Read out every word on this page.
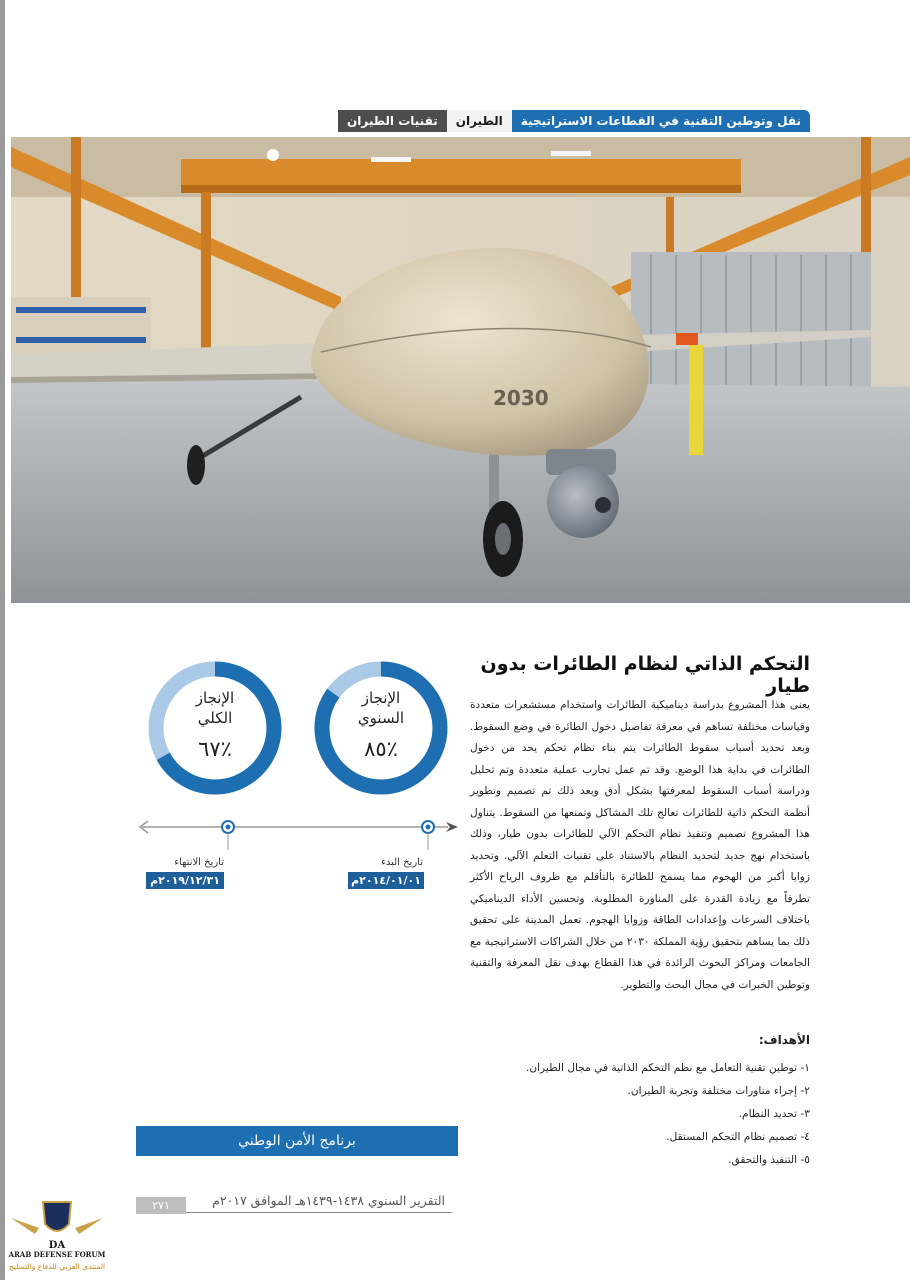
نقل وتوطين التقنية في القطاعات الاستراتيجية
الطيران
تقنيات الطيران
2030
التحكم الذاتي لنظام الطائرات بدون طيار

يعنى هذا المشروع بدراسة ديناميكية الطائرات واستخدام مستشعرات متعددة وقياسات مختلفة تساهم في معرفة تفاصيل دخول الطائرة في وضع السقوط. وبعد تحديد أسباب سقوط الطائرات يتم بناء نظام تحكم يحد من دخول الطائرات في بداية هذا الوضع. وقد تم عمل تجارب عملية متعددة وتم تحليل ودراسة أسباب السقوط لمعرفتها بشكل أدق وبعد ذلك تم تصميم وتطوير أنظمة التحكم ذاتية للطائرات تعالج تلك المشاكل وتمنعها من السقوط. يتناول هذا المشروع تصميم وتنفيذ نظام التحكم الآلي للطائرات بدون طيار، وذلك باستخدام نهج جديد لتحديد النظام بالاستناد على تقنيات التعلم الآلي. وتحديد زوايا أكبر من الهجوم مما يسمح للطائرة بالتأقلم مع ظروف الرياح الأكثر تطرفاً مع زيادة القدرة على المناورة المطلوبة. وتحسين الأداء الديناميكي باختلاف السرعات وإعدادات الطاقة وزوايا الهجوم. تعمل المدينة على تحقيق ذلك بما يساهم بتحقيق رؤية المملكة ٢٠٣٠ من خلال الشراكات الاستراتيجية مع الجامعات ومراكز البحوث الرائدة في هذا القطاع بهدف نقل المعرفة والتقنية وتوطين الخبرات في مجال البحث والتطوير.

الأهداف:
١- توطين تقنية التعامل مع نظم التحكم الذاتية في مجال الطيران.
٢- إجراء مناورات مختلفة وتجربة الطيران.
٣- تحديد النظام.
٤- تصميم نظام التحكم المستقل.
٥- التنفيذ والتحقق.
الإنجاز
السنوي
٪٨٥
الإنجاز
الكلي
٪٦٧
تاريخ البدء
٢٠١٤/٠١/٠١م
تاريخ الانتهاء
٢٠١٩/١٢/٣١م
برنامج الأمن الوطني
التقرير السنوي ١٤٣٨-١٤٣٩هـ الموافق ٢٠١٧م
٢٧١
DA
ARAB DEFENSE FORUM
المنتدى العربي للدفاع والتسليح
